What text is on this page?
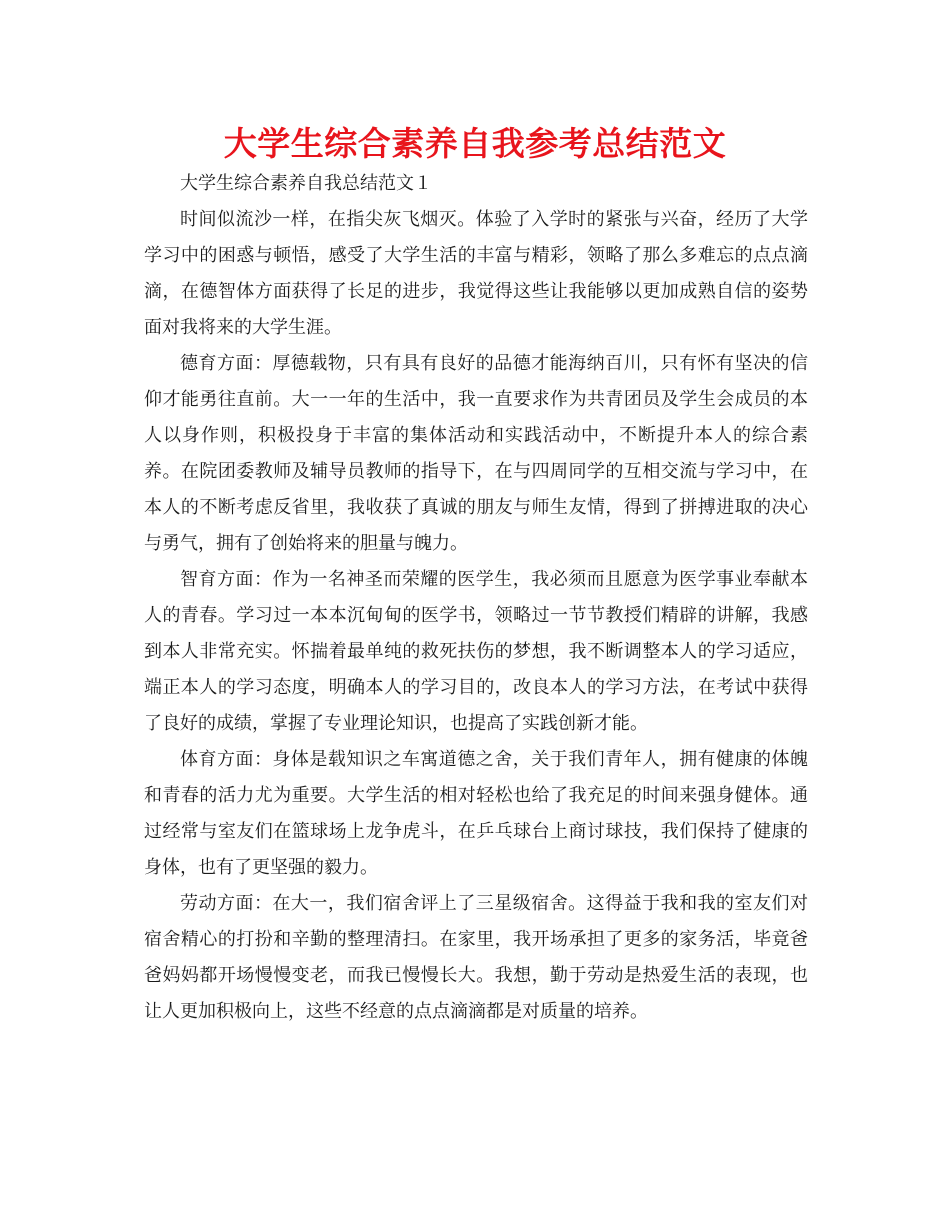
大学生综合素养自我参考总结范文

大学生综合素养自我总结范文１

时间似流沙一样，在指尖灰飞烟灭。体验了入学时的紧张与兴奋，经历了大学学习中的困惑与顿悟，感受了大学生活的丰富与精彩，领略了那么多难忘的点点滴滴，在德智体方面获得了长足的进步，我觉得这些让我能够以更加成熟自信的姿势面对我将来的大学生涯。

德育方面：厚德载物，只有具有良好的品德才能海纳百川，只有怀有坚决的信仰才能勇往直前。大一一年的生活中，我一直要求作为共青团员及学生会成员的本人以身作则，积极投身于丰富的集体活动和实践活动中，不断提升本人的综合素养。在院团委教师及辅导员教师的指导下，在与四周同学的互相交流与学习中，在本人的不断考虑反省里，我收获了真诚的朋友与师生友情，得到了拼搏进取的决心与勇气，拥有了创始将来的胆量与魄力。

智育方面：作为一名神圣而荣耀的医学生，我必须而且愿意为医学事业奉献本人的青春。学习过一本本沉甸甸的医学书，领略过一节节教授们精辟的讲解，我感到本人非常充实。怀揣着最单纯的救死扶伤的梦想，我不断调整本人的学习适应，端正本人的学习态度，明确本人的学习目的，改良本人的学习方法，在考试中获得了良好的成绩，掌握了专业理论知识，也提高了实践创新才能。

体育方面：身体是载知识之车寓道德之舍，关于我们青年人，拥有健康的体魄和青春的活力尤为重要。大学生活的相对轻松也给了我充足的时间来强身健体。通过经常与室友们在篮球场上龙争虎斗，在乒乓球台上商讨球技，我们保持了健康的身体，也有了更坚强的毅力。

劳动方面：在大一，我们宿舍评上了三星级宿舍。这得益于我和我的室友们对宿舍精心的打扮和辛勤的整理清扫。在家里，我开场承担了更多的家务活，毕竟爸爸妈妈都开场慢慢变老，而我已慢慢长大。我想，勤于劳动是热爱生活的表现，也让人更加积极向上，这些不经意的点点滴滴都是对质量的培养。
